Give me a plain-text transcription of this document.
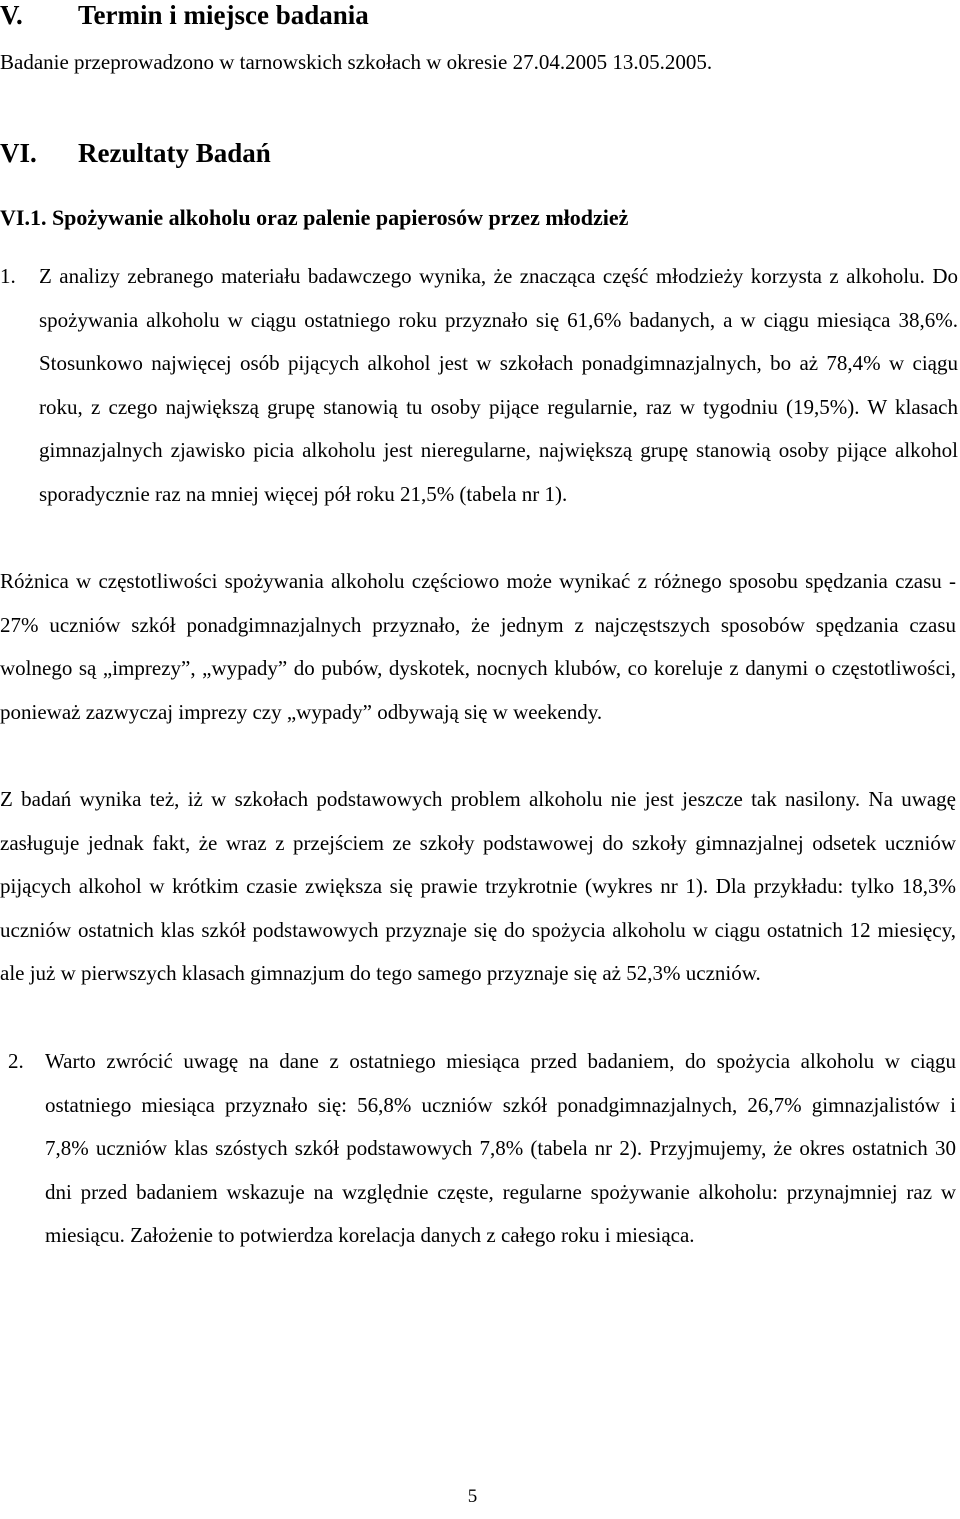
V. Termin i miejsce badania
Badanie przeprowadzono w tarnowskich szkołach w okresie 27.04.2005 13.05.2005.
VI. Rezultaty Badań
VI.1. Spożywanie alkoholu oraz palenie papierosów przez młodzież
1. Z analizy zebranego materiału badawczego wynika, że znacząca część młodzieży korzysta z alkoholu. Do spożywania alkoholu w ciągu ostatniego roku przyznało się 61,6% badanych, a w ciągu miesiąca 38,6%. Stosunkowo najwięcej osób pijących alkohol jest w szkołach ponadgimnazjalnych, bo aż 78,4% w ciągu roku, z czego największą grupę stanowią tu osoby pijące regularnie, raz w tygodniu (19,5%). W klasach gimnazjalnych zjawisko picia alkoholu jest nieregularne, największą grupę stanowią osoby pijące alkohol sporadycznie raz na mniej więcej pół roku 21,5% (tabela nr 1).
Różnica w częstotliwości spożywania alkoholu częściowo może wynikać z różnego sposobu spędzania czasu - 27% uczniów szkół ponadgimnazjalnych przyznało, że jednym z najczęstszych sposobów spędzania czasu wolnego są „imprezy”, „wypady” do pubów, dyskotek, nocnych klubów, co koreluje z danymi o częstotliwości, ponieważ zazwyczaj imprezy czy „wypady” odbywają się w weekendy.
Z badań wynika też, iż w szkołach podstawowych problem alkoholu nie jest jeszcze tak nasilony. Na uwagę zasługuje jednak fakt, że wraz z przejściem ze szkoły podstawowej do szkoły gimnazjalnej odsetek uczniów pijących alkohol w krótkim czasie zwiększa się prawie trzykrotnie (wykres nr 1). Dla przykładu: tylko 18,3% uczniów ostatnich klas szkół podstawowych przyznaje się do spożycia alkoholu w ciągu ostatnich 12 miesięcy, ale już w pierwszych klasach gimnazjum do tego samego przyznaje się aż 52,3% uczniów.
2. Warto zwrócić uwagę na dane z ostatniego miesiąca przed badaniem, do spożycia alkoholu w ciągu ostatniego miesiąca przyznało się: 56,8% uczniów szkół ponadgimnazjalnych, 26,7% gimnazjalistów i 7,8% uczniów klas szóstych szkół podstawowych 7,8% (tabela nr 2). Przyjmujemy, że okres ostatnich 30 dni przed badaniem wskazuje na względnie częste, regularne spożywanie alkoholu: przynajmniej raz w miesiącu. Założenie to potwierdza korelacja danych z całego roku i miesiąca.
5
